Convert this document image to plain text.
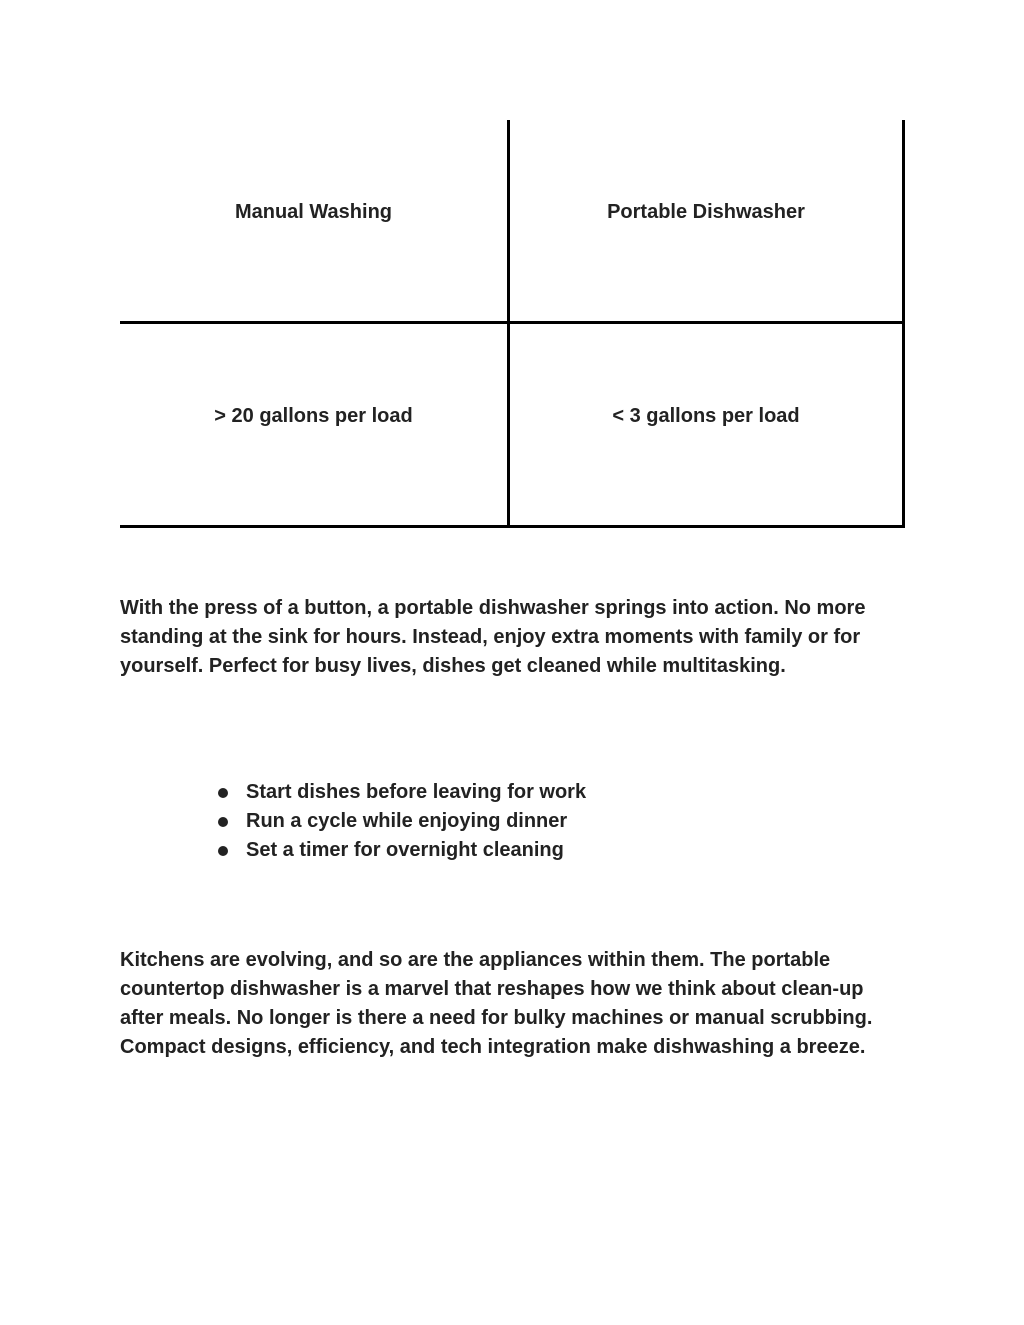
Manual Washing	Portable Dishwasher
> 20 gallons per load	< 3 gallons per load

With the press of a button, a portable dishwasher springs into action. No more standing at the sink for hours. Instead, enjoy extra moments with family or for yourself. Perfect for busy lives, dishes get cleaned while multitasking.

Start dishes before leaving for work
Run a cycle while enjoying dinner
Set a timer for overnight cleaning

Kitchens are evolving, and so are the appliances within them. The portable countertop dishwasher is a marvel that reshapes how we think about clean-up after meals. No longer is there a need for bulky machines or manual scrubbing. Compact designs, efficiency, and tech integration make dishwashing a breeze.
